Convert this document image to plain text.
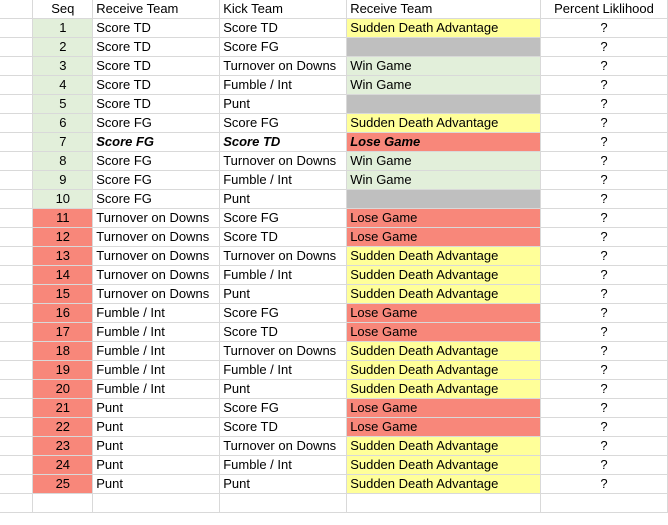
	Seq	Receive Team	Kick Team	Receive Team	Percent Liklihood
	1	Score TD	Score TD	Sudden Death Advantage	?
	2	Score TD	Score FG		?
	3	Score TD	Turnover on Downs	Win Game	?
	4	Score TD	Fumble / Int	Win Game	?
	5	Score TD	Punt		?
	6	Score FG	Score FG	Sudden Death Advantage	?
	7	Score FG	Score TD	Lose Game	?
	8	Score FG	Turnover on Downs	Win Game	?
	9	Score FG	Fumble / Int	Win Game	?
	10	Score FG	Punt		?
	11	Turnover on Downs	Score FG	Lose Game	?
	12	Turnover on Downs	Score TD	Lose Game	?
	13	Turnover on Downs	Turnover on Downs	Sudden Death Advantage	?
	14	Turnover on Downs	Fumble / Int	Sudden Death Advantage	?
	15	Turnover on Downs	Punt	Sudden Death Advantage	?
	16	Fumble / Int	Score FG	Lose Game	?
	17	Fumble / Int	Score TD	Lose Game	?
	18	Fumble / Int	Turnover on Downs	Sudden Death Advantage	?
	19	Fumble / Int	Fumble / Int	Sudden Death Advantage	?
	20	Fumble / Int	Punt	Sudden Death Advantage	?
	21	Punt	Score FG	Lose Game	?
	22	Punt	Score TD	Lose Game	?
	23	Punt	Turnover on Downs	Sudden Death Advantage	?
	24	Punt	Fumble / Int	Sudden Death Advantage	?
	25	Punt	Punt	Sudden Death Advantage	?
